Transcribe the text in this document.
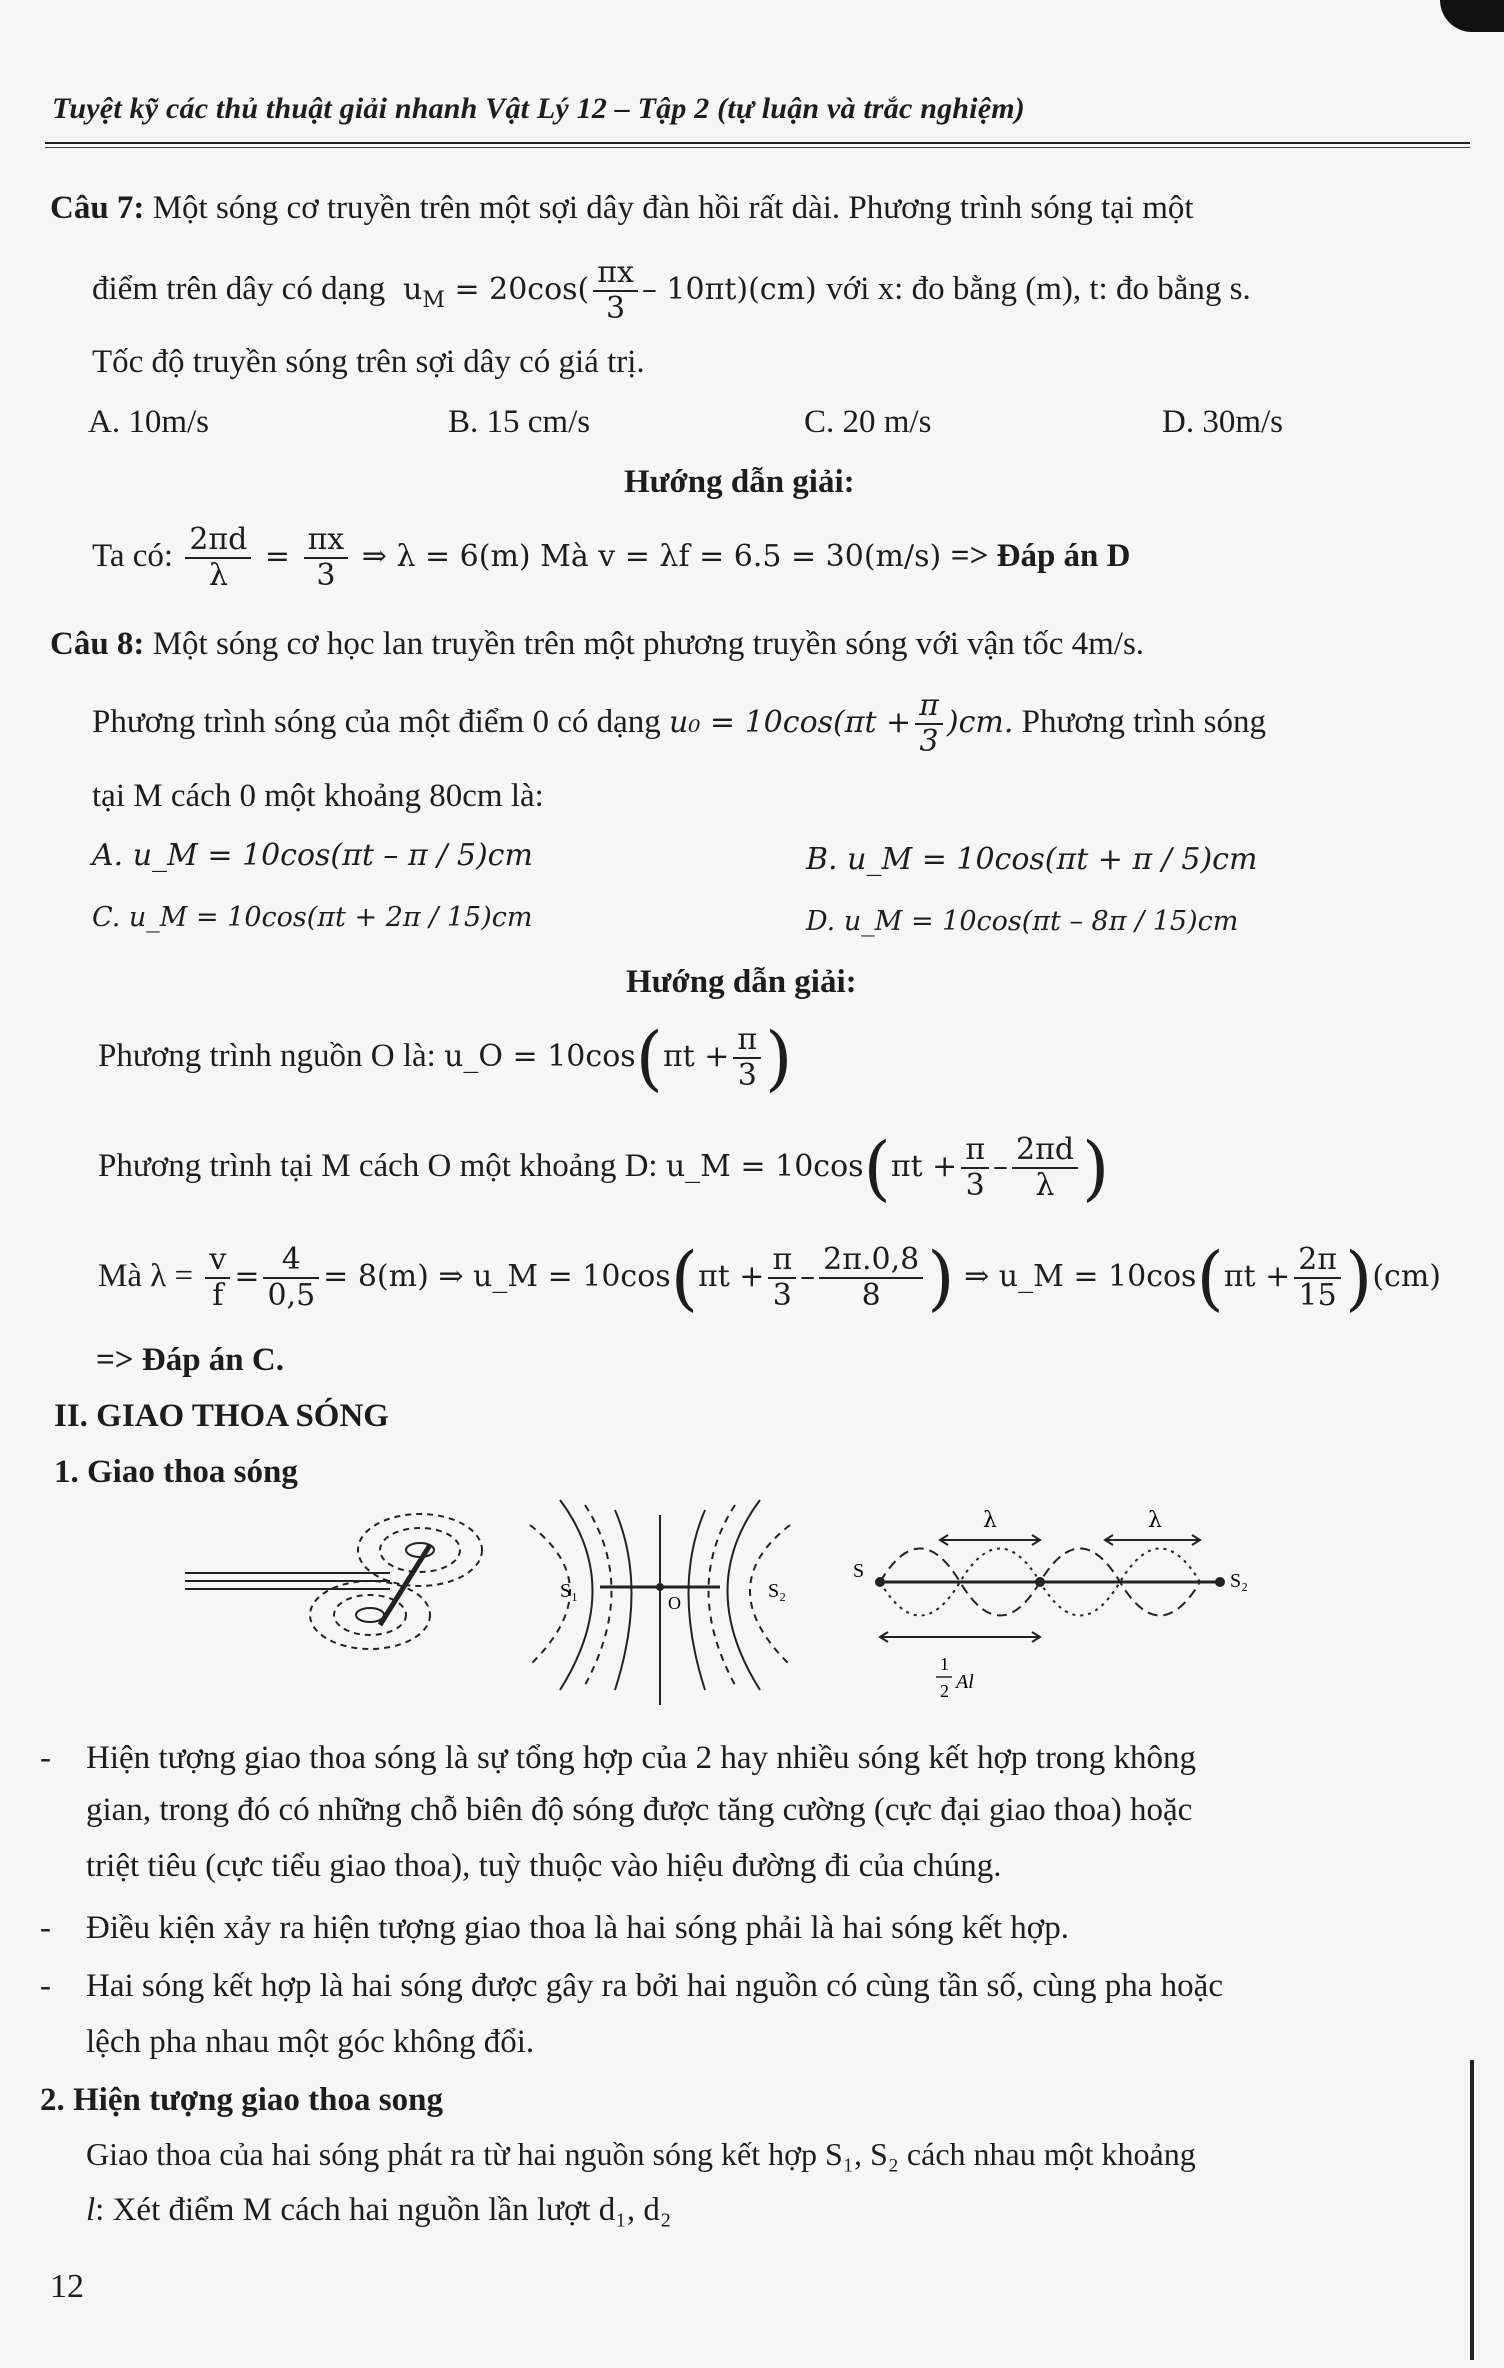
Tuyệt kỹ các thủ thuật giải nhanh Vật Lý 12 – Tập 2 (tự luận và trắc nghiệm)
Câu 7: Một sóng cơ truyền trên một sợi dây đàn hồi rất dài. Phương trình sóng tại một
điểm trên dây có dạng $u_M = 20\cos( \frac{\pi x}{3} - 10\pi t)(cm)$ với x: đo bằng (m), t: đo bằng s.
Tốc độ truyền sóng trên sợi dây có giá trị.
A. 10m/s	B. 15 cm/s	C. 20 m/s	D. 30m/s
Hướng dẫn giải:
Ta có: $\frac{2\pi d}{\lambda} = \frac{\pi x}{3}$ ⇒ λ = 6(m) Mà v = λf = 6.5 = 30(m/s) => Đáp án D
Câu 8: Một sóng cơ học lan truyền trên một phương truyền sóng với vận tốc 4m/s.
Phương trình sóng của một điểm 0 có dạng $u_0 = 10\cos(\pi t + \frac{\pi}{3} )cm$. Phương trình sóng
tại M cách 0 một khoảng 80cm là:
A. u_M = 10cos(πt – π / 5)cm	B. u_M = 10cos(πt + π / 5)cm
C. u_M = 10cos(πt + 2π / 15)cm	D. u_M = 10cos(πt – 8π / 15)cm
Hướng dẫn giải:
Phương trình nguồn O là: u_O = $10\cos(\pi t + \frac{\pi}{3}$ )
Phương trình tại M cách O một khoảng D: u_M = $10\cos(\pi t + \frac{\pi}{3} - \frac{2\pi d}{\lambda}$ )
Mà $\lambda = \frac{v}{f} = \frac{4}{0,5} = 8(m)$ ⇒ u_M = $10\cos(\pi t + \frac{\pi}{3} - \frac{2\pi.0,8}{8}$ ) ⇒ u_M = $10\cos(\pi t + \frac{2\pi}{15} )(cm)$
=> Đáp án C.
II. GIAO THOA SÓNG
1. Giao thoa sóng
S₁
O
S₂
S	S₂
λ	λ
1
2 Al
- Hiện tượng giao thoa sóng là sự tổng hợp của 2 hay nhiều sóng kết hợp trong không
gian, trong đó có những chỗ biên độ sóng được tăng cường (cực đại giao thoa) hoặc
triệt tiêu (cực tiểu giao thoa), tuỳ thuộc vào hiệu đường đi của chúng.
- Điều kiện xảy ra hiện tượng giao thoa là hai sóng phải là hai sóng kết hợp.
- Hai sóng kết hợp là hai sóng được gây ra bởi hai nguồn có cùng tần số, cùng pha hoặc
lệch pha nhau một góc không đổi.
2. Hiện tượng giao thoa song
Giao thoa của hai sóng phát ra từ hai nguồn sóng kết hợp S₁, S₂ cách nhau một khoảng
l: Xét điểm M cách hai nguồn lần lượt d₁, d₂
12
